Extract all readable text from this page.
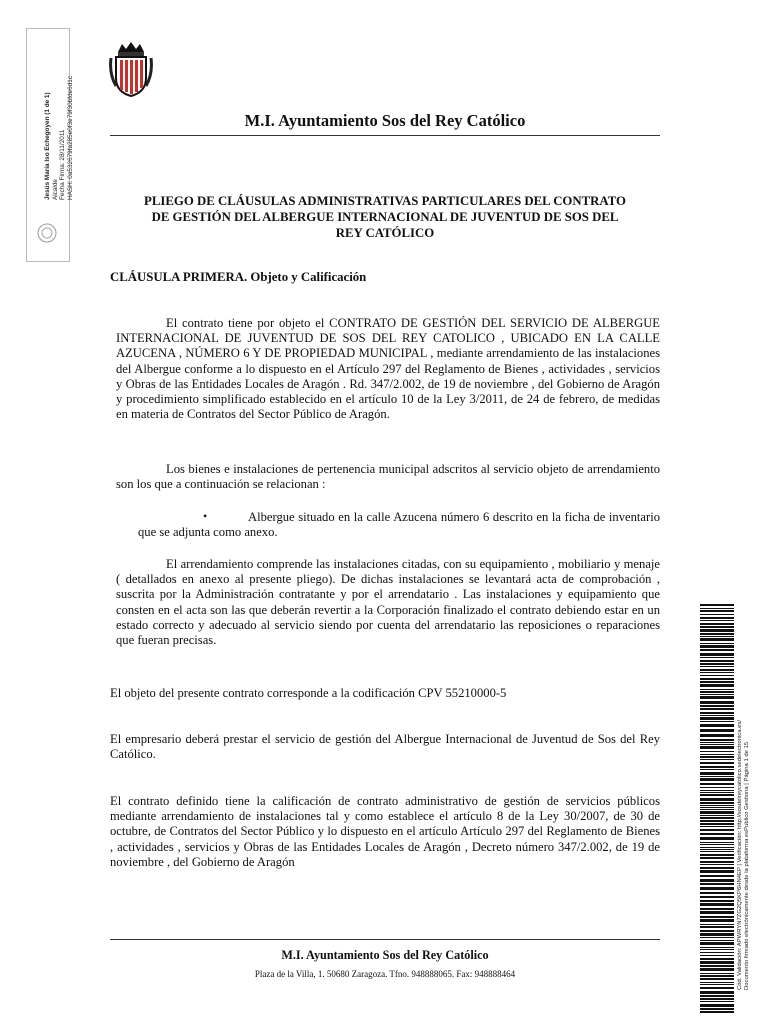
Jesús María Iso Echegoyen (1 de 1) Alcalde Fecha Firma: 28/11/2011 HASH: 0a532679fa285e0f3e79f30bfde6d1c	M.I. Ayuntamiento Sos del Rey Católico
PLIEGO DE CLÁUSULAS ADMINISTRATIVAS PARTICULARES DEL CONTRATO
DE GESTIÓN DEL ALBERGUE INTERNACIONAL DE JUVENTUD DE SOS DEL
REY CATÓLICO
CLÁUSULA PRIMERA. Objeto y Calificación
El contrato tiene por objeto el CONTRATO DE GESTIÓN DEL SERVICIO DE ALBERGUE INTERNACIONAL DE JUVENTUD DE SOS DEL REY CATOLICO , UBICADO EN LA CALLE AZUCENA , NÚMERO 6 Y DE PROPIEDAD MUNICIPAL , mediante arrendamiento de las instalaciones del Albergue conforme a lo dispuesto en el Artículo 297 del Reglamento de Bienes , actividades , servicios y Obras de las Entidades Locales de Aragón . Rd. 347/2.002, de 19 de noviembre , del Gobierno de Aragón y procedimiento simplificado establecido en el artículo 10 de la Ley 3/2011, de 24 de febrero, de medidas en materia de Contratos del Sector Público de Aragón.
Los bienes e instalaciones de pertenencia municipal adscritos al servicio objeto de arrendamiento son los que a continuación se relacionan :
•	Albergue situado en la calle Azucena número 6 descrito en la ficha de inventario que se adjunta como anexo.
El arrendamiento comprende las instalaciones citadas, con su equipamiento , mobiliario y menaje ( detallados en anexo al presente pliego). De dichas instalaciones se levantará acta de comprobación , suscrita por la Administración contratante y por el arrendatario . Las instalaciones y equipamiento que consten en el acta son las que deberán revertir a la Corporación finalizado el contrato debiendo estar en un estado correcto y adecuado al servicio siendo por cuenta del arrendatario las reposiciones o reparaciones que fueran precisas.
El objeto del presente contrato corresponde a la codificación CPV 55210000-5
El empresario deberá prestar el servicio de gestión del Albergue Internacional de Juventud de Sos del Rey Católico.
El contrato definido tiene la calificación de contrato administrativo de gestión de servicios públicos mediante arrendamiento de instalaciones tal y como establece el artículo 8 de la Ley 30/2007, de 30 de octubre, de Contratos del Sector Público y lo dispuesto en el artículo Artículo 297 del Reglamento de Bienes , actividades , servicios y Obras de las Entidades Locales de Aragón , Decreto número 347/2.002, de 19 de noviembre , del Gobierno de Aragón	Cód. Validación: APWRYN7ZG2Q5KP6HN4EP | Verificación: http://sosdelreycatolico.sedelectronica.es/ Documento firmado electrónicamente desde la plataforma esPublico Gestiona | Página 1 de 15
M.I. Ayuntamiento Sos del Rey Católico
Plaza de la Villa, 1. 50680 Zaragoza. Tfno. 948888065. Fax: 948888464
